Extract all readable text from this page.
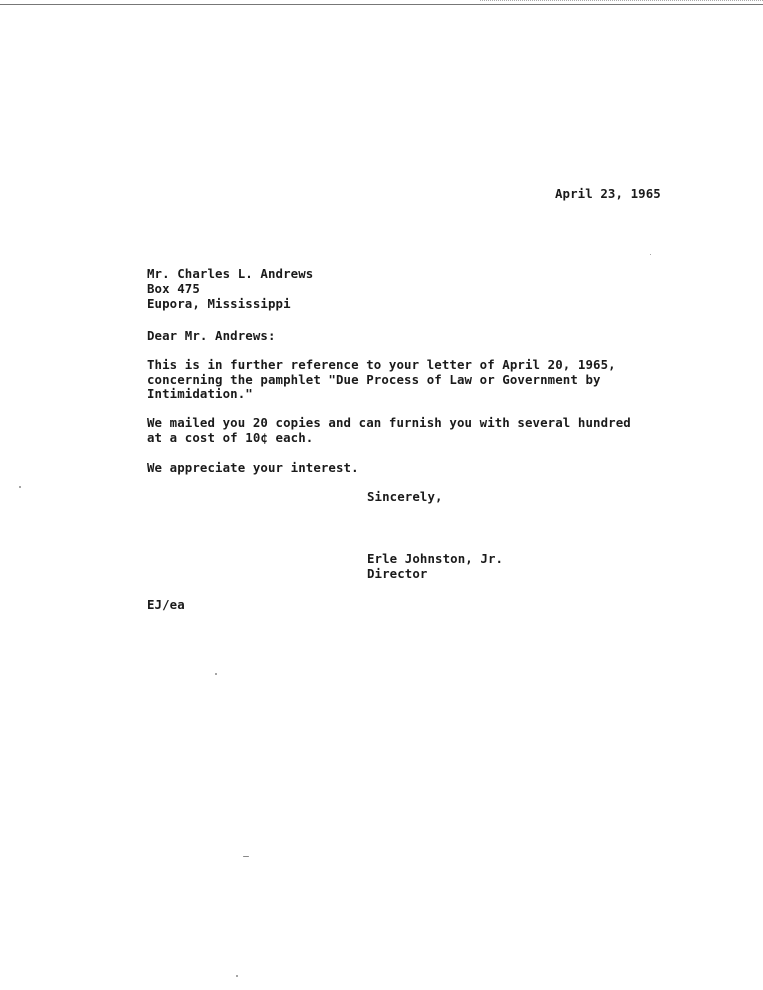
April 23, 1965
Mr. Charles L. Andrews
Box 475
Eupora, Mississippi
Dear Mr. Andrews:
This is in further reference to your letter of April 20, 1965,
concerning the pamphlet "Due Process of Law or Government by
Intimidation."
We mailed you 20 copies and can furnish you with several hundred
at a cost of 10¢ each.
We appreciate your interest.
Sincerely,
Erle Johnston, Jr.
Director
EJ/ea
